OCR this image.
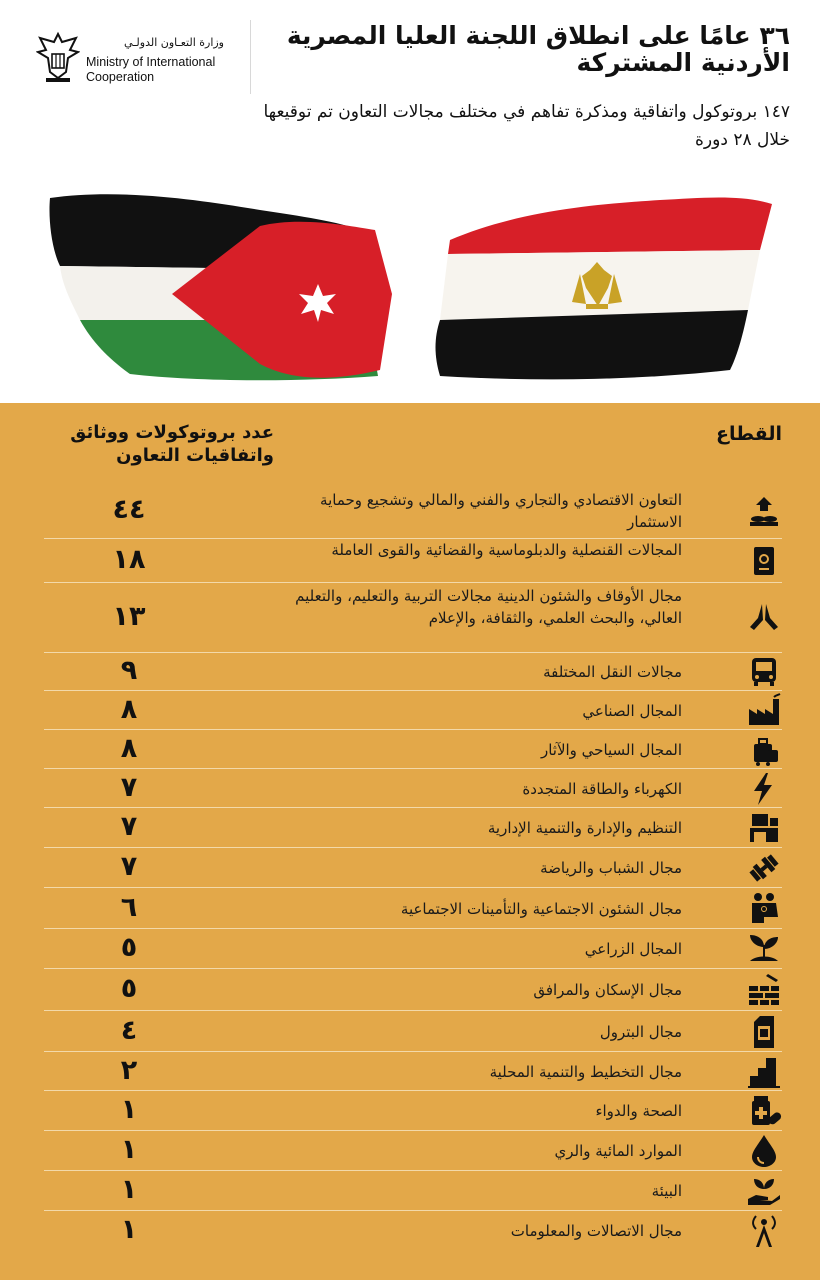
وزارة التعـاون الدولـي
Ministry of International
Cooperation
٣٦ عامًا على انطلاق اللجنة العليا المصرية الأردنية المشتركة
١٤٧ بروتوكول واتفاقية ومذكرة تفاهم في مختلف مجالات التعاون تم توقيعها خلال ٢٨ دورة
القطاع
عدد بروتوكولات ووثائق واتفاقيات التعاون
التعاون الاقتصادي والتجاري والفني والمالي وتشجيع وحماية الاستثمار
٤٤
المجالات القنصلية والدبلوماسية والقضائية والقوى العاملة
١٨
مجال الأوقاف والشئون الدينية مجالات التربية والتعليم، والتعليم العالي، والبحث العلمي، والثقافة، والإعلام
١٣
مجالات النقل المختلفة
٩
المجال الصناعي
٨
المجال السياحي والآثار
٨
الكهرباء والطاقة المتجددة
٧
التنظيم والإدارة والتنمية الإدارية
٧
مجال الشباب والرياضة
٧
مجال الشئون الاجتماعية والتأمينات الاجتماعية
٦
المجال الزراعي
٥
مجال الإسكان والمرافق
٥
مجال البترول
٤
مجال التخطيط والتنمية المحلية
٢
الصحة والدواء
١
الموارد المائية والري
١
البيئة
١
مجال الاتصالات والمعلومات
١
